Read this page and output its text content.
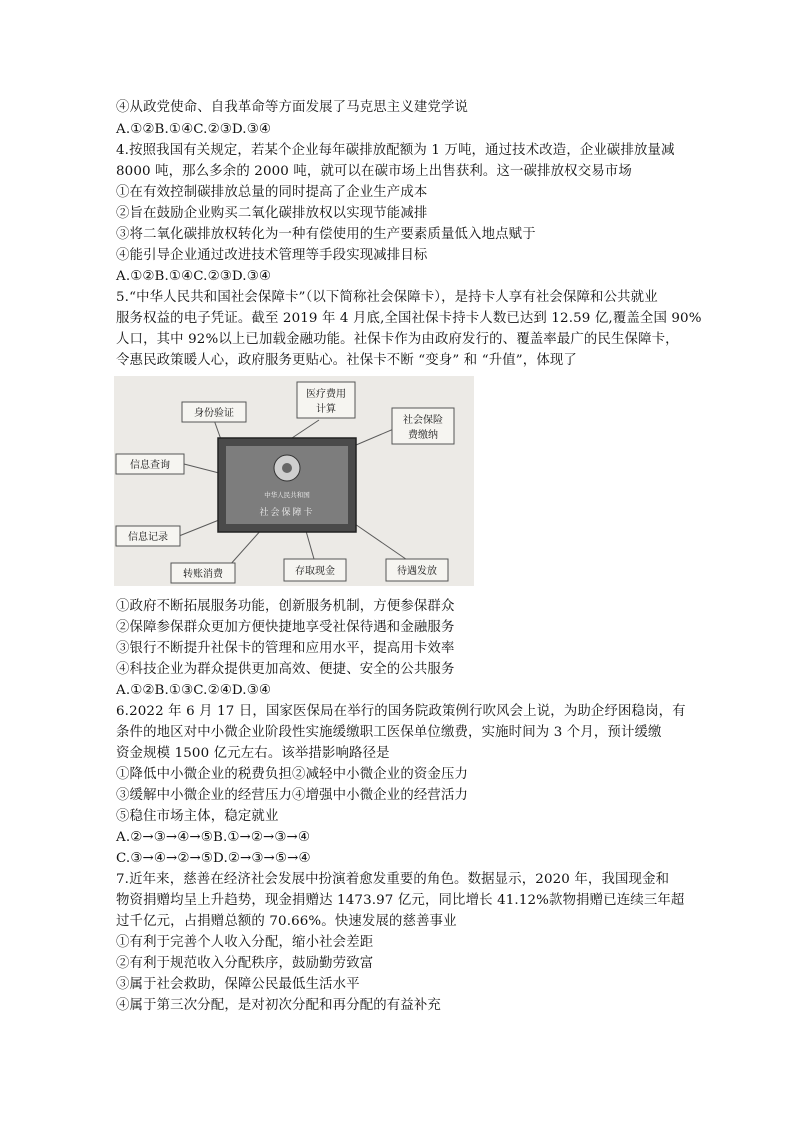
④从政党使命、自我革命等方面发展了马克思主义建党学说
A.①②B.①④C.②③D.③④
4.按照我国有关规定，若某个企业每年碳排放配额为 1 万吨，通过技术改造，企业碳排放量减
8000 吨，那么多余的 2000 吨，就可以在碳市场上出售获利。这一碳排放权交易市场
①在有效控制碳排放总量的同时提高了企业生产成本
②旨在鼓励企业购买二氧化碳排放权以实现节能减排
③将二氧化碳排放权转化为一种有偿使用的生产要素质量低入地点赋于
④能引导企业通过改进技术管理等手段实现减排目标
A.①②B.①④C.②③D.③④
5.“中华人民共和国社会保障卡”（以下简称社会保障卡），是持卡人享有社会保障和公共就业
服务权益的电子凭证。截至 2019 年 4 月底,全国社保卡持卡人数已达到 12.59 亿,覆盖全国 90%
人口，其中 92%以上已加载金融功能。社保卡作为由政府发行的、覆盖率最广的民生保障卡，
令惠民政策暖人心，政府服务更贴心。社保卡不断 “变身” 和 “升值”，体现了
中华人民共和国
社会保障卡
身份验证
医疗费用
计算
社会保险
费缴纳
信息查询
信息记录
转账消费	存取现金	待遇发放
①政府不断拓展服务功能，创新服务机制，方便参保群众
②保障参保群众更加方便快捷地享受社保待遇和金融服务
③银行不断提升社保卡的管理和应用水平，提高用卡效率
④科技企业为群众提供更加高效、便捷、安全的公共服务
A.①②B.①③C.②④D.③④
6.2022 年 6 月 17 日，国家医保局在举行的国务院政策例行吹风会上说，为助企纾困稳岗，有
条件的地区对中小微企业阶段性实施缓缴职工医保单位缴费，实施时间为 3 个月，预计缓缴
资金规模 1500 亿元左右。该举措影响路径是
①降低中小微企业的税费负担②减轻中小微企业的资金压力
③缓解中小微企业的经营压力④增强中小微企业的经营活力
⑤稳住市场主体，稳定就业
A.②→③→④→⑤B.①→②→③→④
C.③→④→②→⑤D.②→③→⑤→④
7.近年来，慈善在经济社会发展中扮演着愈发重要的角色。数据显示，2020 年，我国现金和
物资捐赠均呈上升趋势，现金捐赠达 1473.97 亿元，同比增长 41.12%款物捐赠已连续三年超
过千亿元，占捐赠总额的 70.66%。快速发展的慈善事业
①有利于完善个人收入分配，缩小社会差距
②有利于规范收入分配秩序，鼓励勤劳致富
③属于社会救助，保障公民最低生活水平
④属于第三次分配，是对初次分配和再分配的有益补充
